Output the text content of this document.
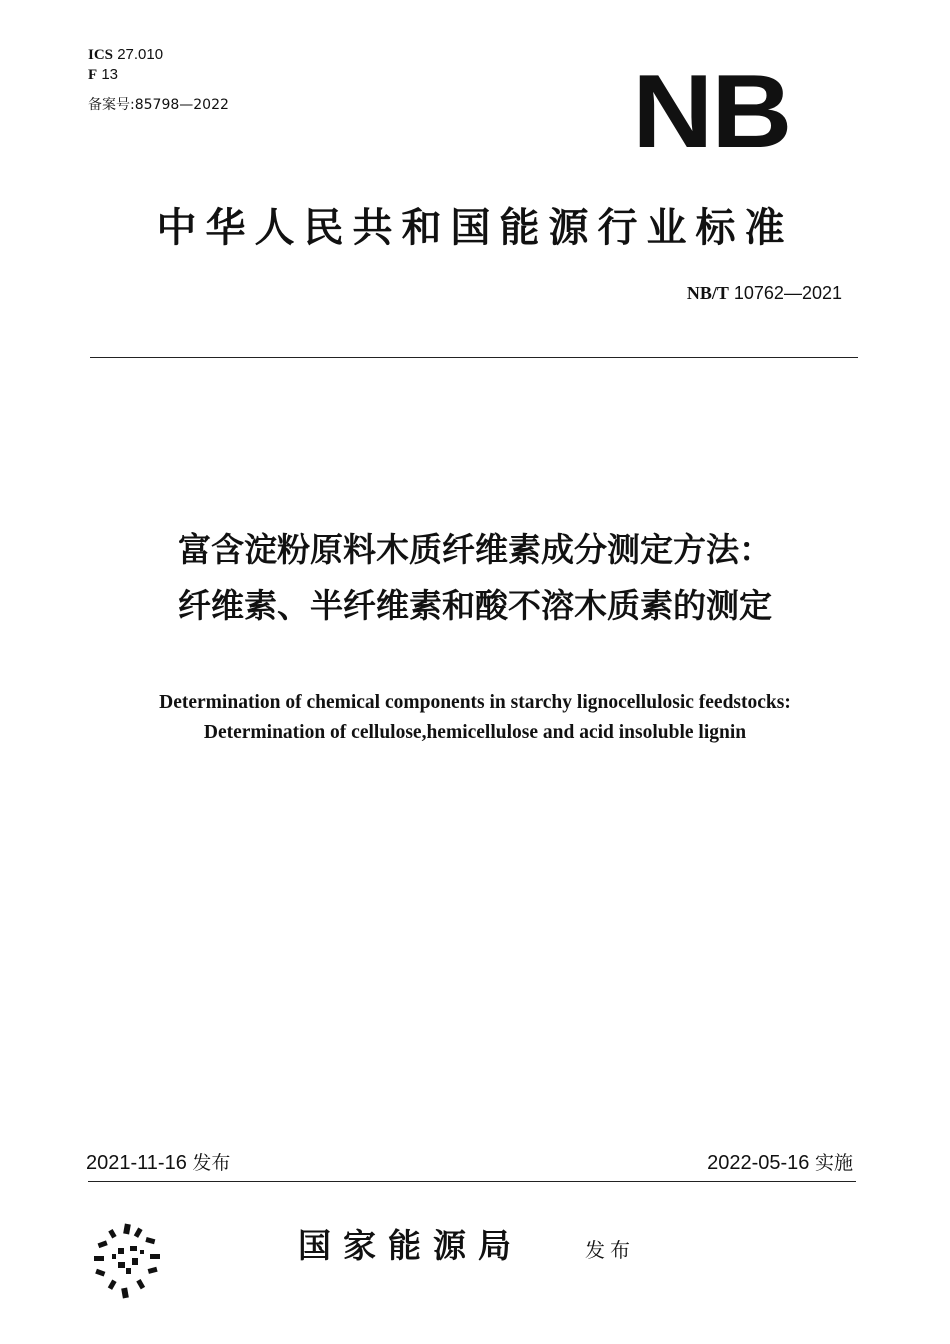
ICS 27.010
F 13
备案号:85798—2022	NB
中华人民共和国能源行业标准
NB/T 10762—2021
富含淀粉原料木质纤维素成分测定方法：
纤维素、半纤维素和酸不溶木质素的测定
Determination of chemical components in starchy lignocellulosic feedstocks:
Determination of cellulose,hemicellulose and acid insoluble lignin
2021-11-16 发布	2022-05-16 实施
国家能源局	发布
